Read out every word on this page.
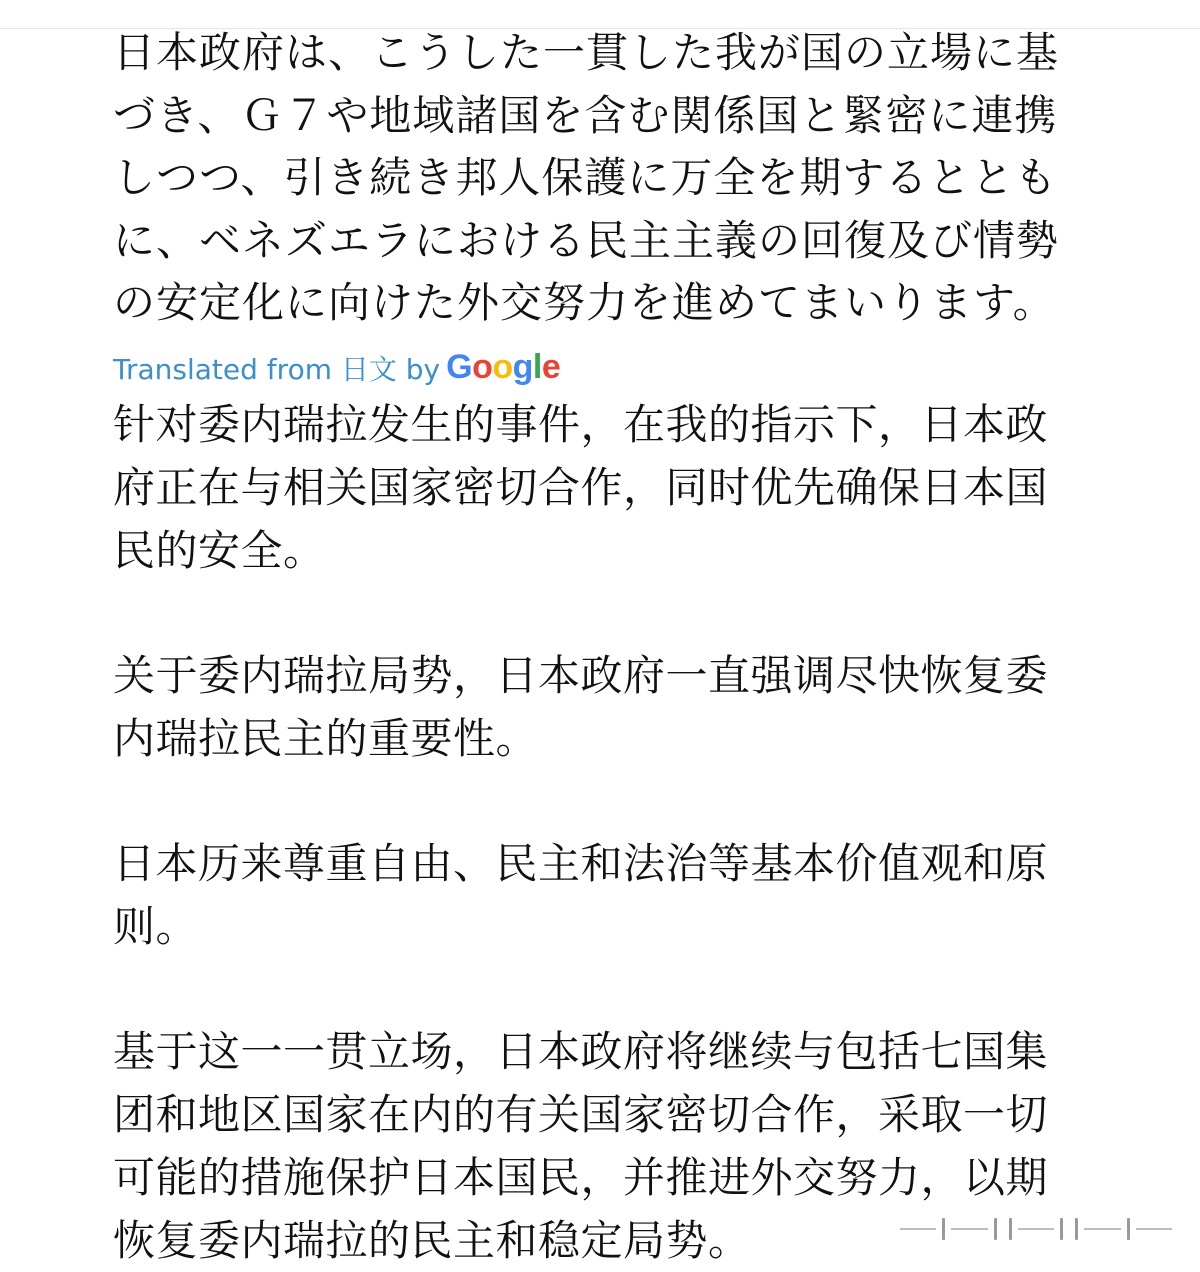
日本政府は、こうした一貫した我が国の立場に基づき、Ｇ７や地域諸国を含む関係国と緊密に連携しつつ、引き続き邦人保護に万全を期するとともに、ベネズエラにおける民主主義の回復及び情勢の安定化に向けた外交努力を進めてまいります。

Translated from 日文 by Google

针对委内瑞拉发生的事件，在我的指示下，日本政府正在与相关国家密切合作，同时优先确保日本国民的安全。

关于委内瑞拉局势，日本政府一直强调尽快恢复委内瑞拉民主的重要性。

日本历来尊重自由、民主和法治等基本价值观和原则。

基于这一一贯立场，日本政府将继续与包括七国集团和地区国家在内的有关国家密切合作，采取一切可能的措施保护日本国民，并推进外交努力，以期恢复委内瑞拉的民主和稳定局势。
